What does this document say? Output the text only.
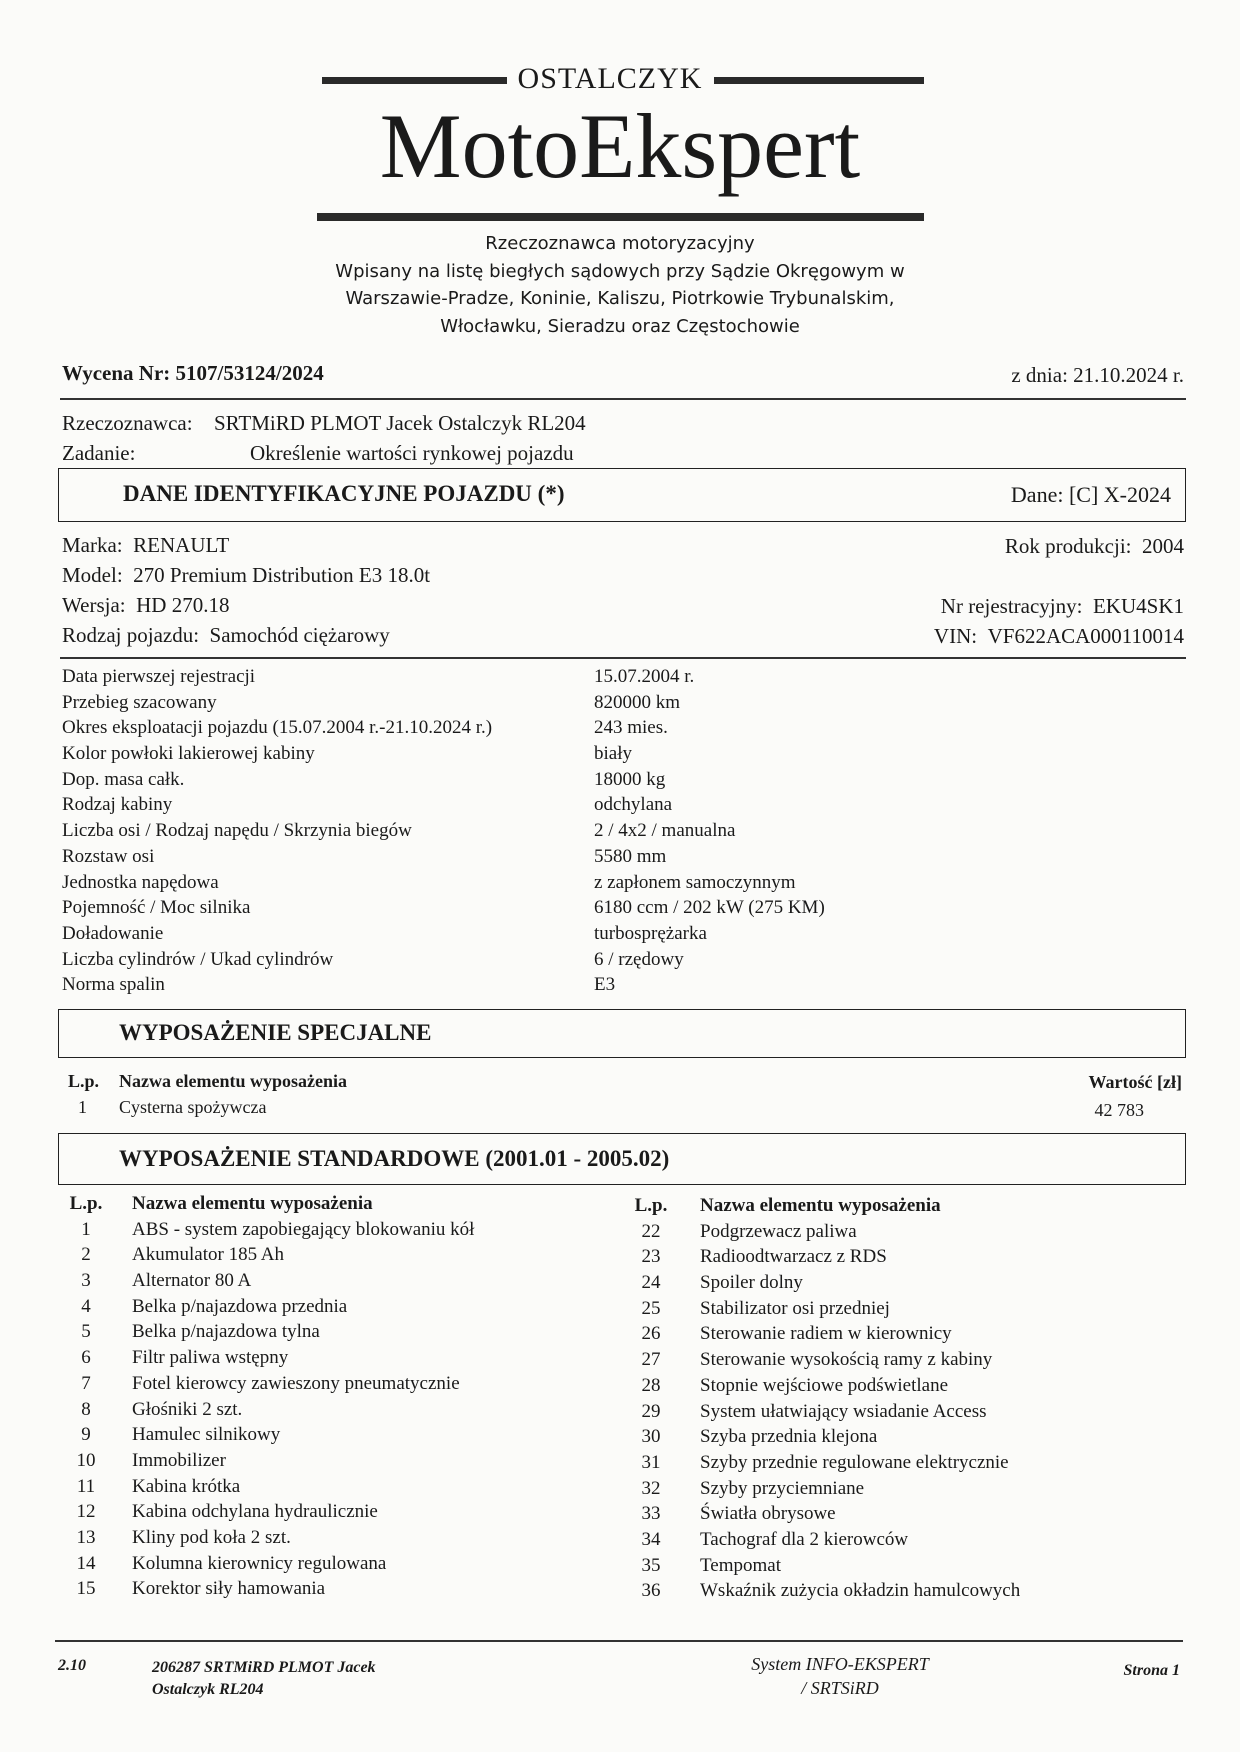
OSTALCZYK
MotoEkspert
Rzeczoznawca motoryzacyjny
Wpisany na listę biegłych sądowych przy Sądzie Okręgowym w
Warszawie-Pradze, Koninie, Kaliszu, Piotrkowie Trybunalskim,
Włocławku, Sieradzu oraz Częstochowie
Wycena Nr: 5107/53124/2024	z dnia: 21.10.2024 r.
Rzeczoznawca: SRTMiRD PLMOT Jacek Ostalczyk RL204
Zadanie:	Określenie wartości rynkowej pojazdu
DANE IDENTYFIKACYJNE POJAZDU (*)	Dane: [C] X-2024
Marka: RENAULT
Model: 270 Premium Distribution E3 18.0t
Wersja: HD 270.18
Rodzaj pojazdu: Samochód ciężarowy
Rok produkcji: 2004
Nr rejestracyjny: EKU4SK1
VIN: VF622ACA000110014
Data pierwszej rejestracji	15.07.2004 r.
Przebieg szacowany	820000 km
Okres eksploatacji pojazdu (15.07.2004 r.-21.10.2024 r.)	243 mies.
Kolor powłoki lakierowej kabiny	biały
Dop. masa całk.	18000 kg
Rodzaj kabiny	odchylana
Liczba osi / Rodzaj napędu / Skrzynia biegów	2 / 4x2 / manualna
Rozstaw osi	5580 mm
Jednostka napędowa	z zapłonem samoczynnym
Pojemność / Moc silnika	6180 ccm / 202 kW (275 KM)
Doładowanie	turbosprężarka
Liczba cylindrów / Ukad cylindrów	6 / rzędowy
Norma spalin	E3
WYPOSAŻENIE SPECJALNE
L.p. Nazwa elementu wyposażenia	Wartość [zł]
1 Cysterna spożywcza	42 783
WYPOSAŻENIE STANDARDOWE (2001.01 - 2005.02)
L.p.	Nazwa elementu wyposażenia
1	ABS - system zapobiegający blokowaniu kół
2	Akumulator 185 Ah
3	Alternator 80 A
4	Belka p/najazdowa przednia
5	Belka p/najazdowa tylna
6	Filtr paliwa wstępny
7	Fotel kierowcy zawieszony pneumatycznie
8	Głośniki 2 szt.
9	Hamulec silnikowy
10	Immobilizer
11	Kabina krótka
12	Kabina odchylana hydraulicznie
13	Kliny pod koła 2 szt.
14	Kolumna kierownicy regulowana
15	Korektor siły hamowania
L.p.	Nazwa elementu wyposażenia
22	Podgrzewacz paliwa
23	Radioodtwarzacz z RDS
24	Spoiler dolny
25	Stabilizator osi przedniej
26	Sterowanie radiem w kierownicy
27	Sterowanie wysokością ramy z kabiny
28	Stopnie wejściowe podświetlane
29	System ułatwiający wsiadanie Access
30	Szyba przednia klejona
31	Szyby przednie regulowane elektrycznie
32	Szyby przyciemniane
33	Światła obrysowe
34	Tachograf dla 2 kierowców
35	Tempomat
36	Wskaźnik zużycia okładzin hamulcowych
2.10	206287 SRTMiRD PLMOT Jacek
Ostalczyk RL204
System INFO-EKSPERT
/ SRTSiRD
Strona 1
